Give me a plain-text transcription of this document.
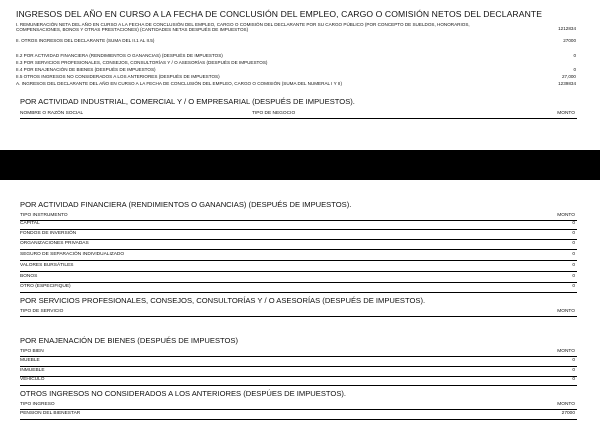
INGRESOS DEL AÑO EN CURSO A LA FECHA DE CONCLUSIÓN DEL EMPLEO, CARGO O COMISIÓN NETOS DEL DECLARANTE
I. REMUNERACIÓN NETA DEL AÑO EN CURSO A LA FECHA DE CONCLUSIÓN DEL EMPLEO, CARGO O COMISIÓN DEL DECLARANTE POR SU CARGO PÚBLICO (POR CONCEPTO DE SUELDOS, HONORARIOS, COMPENSACIONES, BONOS Y OTRAS PRESTACIONES) (CANTIDADES NETAS DESPUÉS DE IMPUESTOS)	1212834
II. OTROS INGRESOS DEL DECLARANTE (SUMA DEL II.1 AL II.5)	27000
II.2 POR ACTIVIDAD FINANCIERA (RENDIMIENTOS O GANANCIAS) (DESPUÉS DE IMPUESTOS)	0
II.3 POR SERVICIOS PROFESIONALES, CONSEJOS, CONSULTORÍAS Y / O ASESORÍAS (DESPUÉS DE IMPUESTOS)
II.4 POR ENAJENACIÓN DE BIENES (DESPUÉS DE IMPUESTOS)	0
II.5 OTROS INGRESOS NO CONSIDERADOS A LOS ANTERIORES (DESPUÉS DE IMPUESTOS)	27,000
A. INGRESOS DEL DECLARANTE DEL AÑO EN CURSO A LA FECHA DE CONCLUSIÓN DEL EMPLEO, CARGO O COMISIÓN (SUMA DEL NUMERAL I Y II)	1239834
POR ACTIVIDAD INDUSTRIAL, COMERCIAL Y / O EMPRESARIAL (DESPUÉS DE IMPUESTOS).
NOMBRE O RAZÓN SOCIAL	TIPO DE NEGOCIO	MONTO
POR ACTIVIDAD FINANCIERA (RENDIMIENTOS O GANANCIAS) (DESPUÉS DE IMPUESTOS).
TIPO INSTRUMENTO	MONTO
CAPITAL	0
FONDOS DE INVERSIÓN	0
ORGANIZACIONES PRIVADAS	0
SEGURO DE SEPARACIÓN INDIVIDUALIZADO	0
VALORES BURSÁTILES	0
BONOS	0
OTRO (ESPECIFIQUE)	0
POR SERVICIOS PROFESIONALES, CONSEJOS, CONSULTORÍAS Y / O ASESORÍAS (DESPUÉS DE IMPUESTOS).
TIPO DE SERVICIO	MONTO
POR ENAJENACIÓN DE BIENES (DESPUÉS DE IMPUESTOS)
TIPO BIEN	MONTO
MUEBLE	0
INMUEBLE	0
VEHÍCULO	0
OTROS INGRESOS NO CONSIDERADOS A LOS ANTERIORES (DESPÚES DE IMPUESTOS).
TIPO INGRESO	MONTO
PENSION DEL BIENESTAR	27000
